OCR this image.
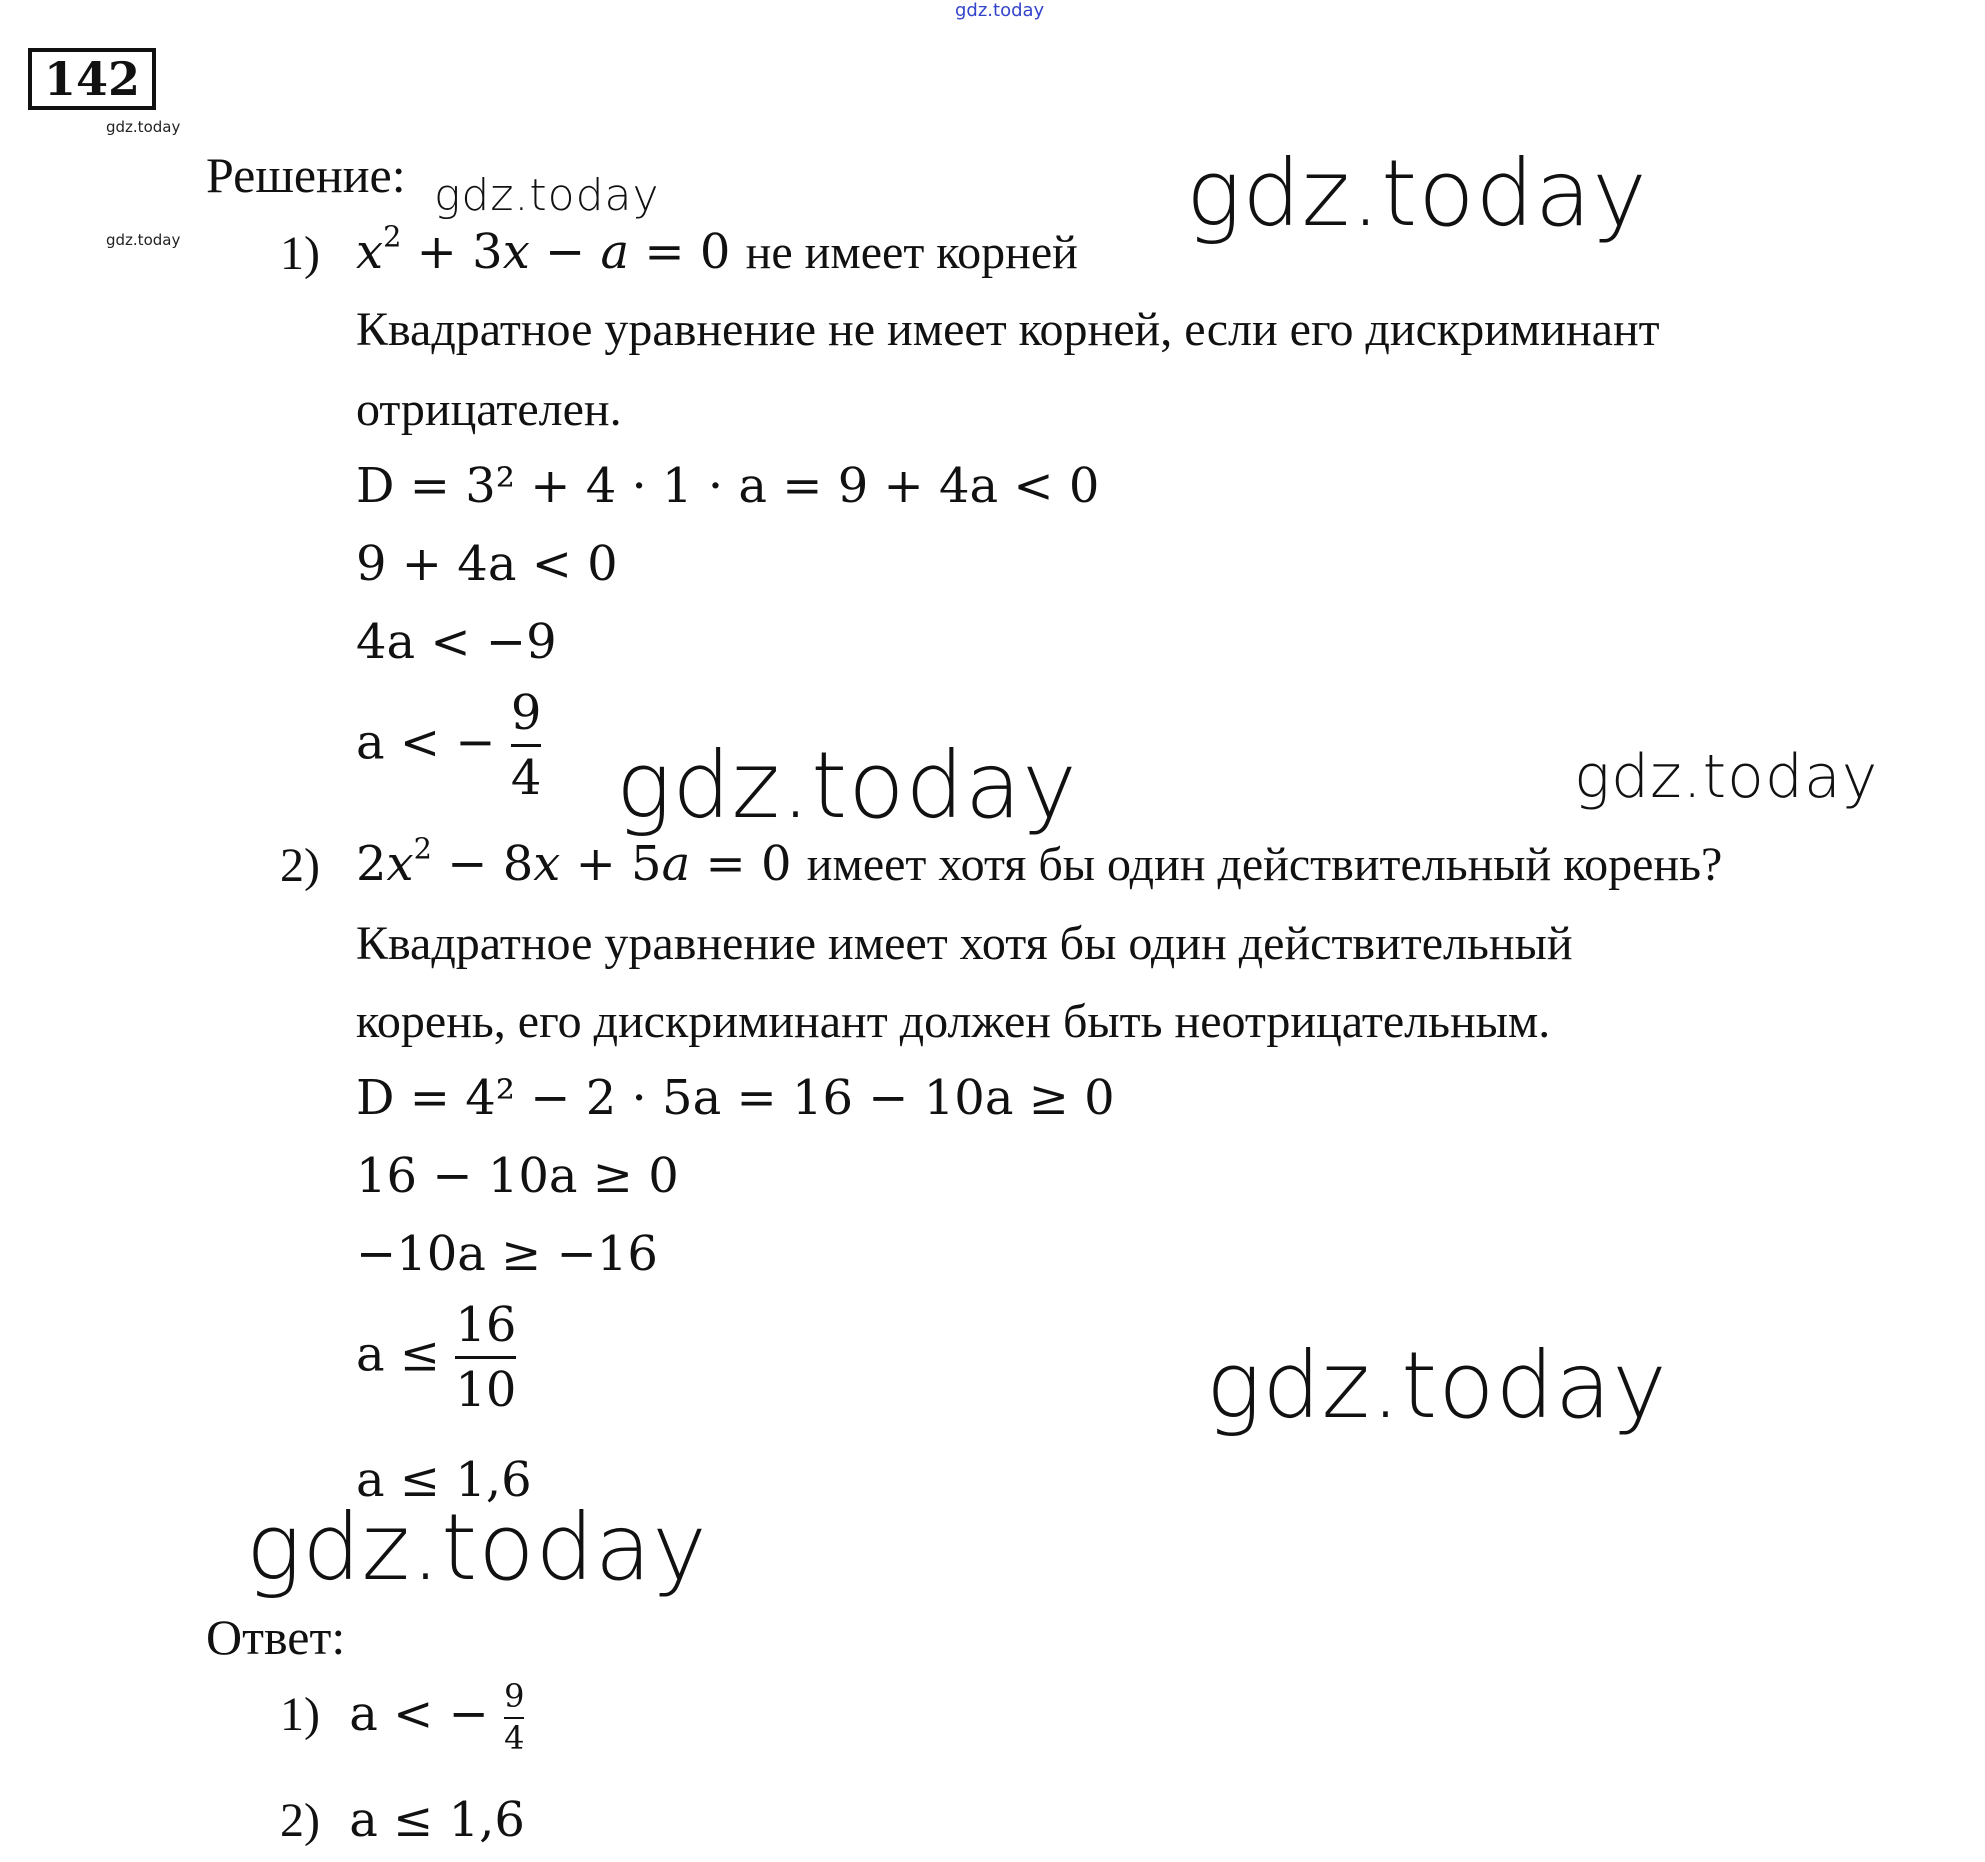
gdz.today
142
gdz.today
gdz.today
Решение:
1) $x^2 + 3x - a = 0$ не имеет корней
Квадратное уравнение не имеет корней, если его дискриминант
отрицателен.
D = 3² + 4 · 1 · a = 9 + 4a < 0
9 + 4a < 0
4a < −9
a < − $\frac{9}{4}$
2) $2x^2 - 8x + 5a = 0$ имеет хотя бы один действительный корень?
Квадратное уравнение имеет хотя бы один действительный
корень, его дискриминант должен быть неотрицательным.
D = 4² − 2 · 5a = 16 − 10a ≥ 0
16 − 10a ≥ 0
−10a ≥ −16
$a \le \frac{16}{10}$
a ≤ 1,6
Ответ:
1) a < − $\frac{9}{4}$
2) a ≤ 1,6
gdz.today	gdz.today
gdz.today	gdz.today
gdz.today
gdz.today
